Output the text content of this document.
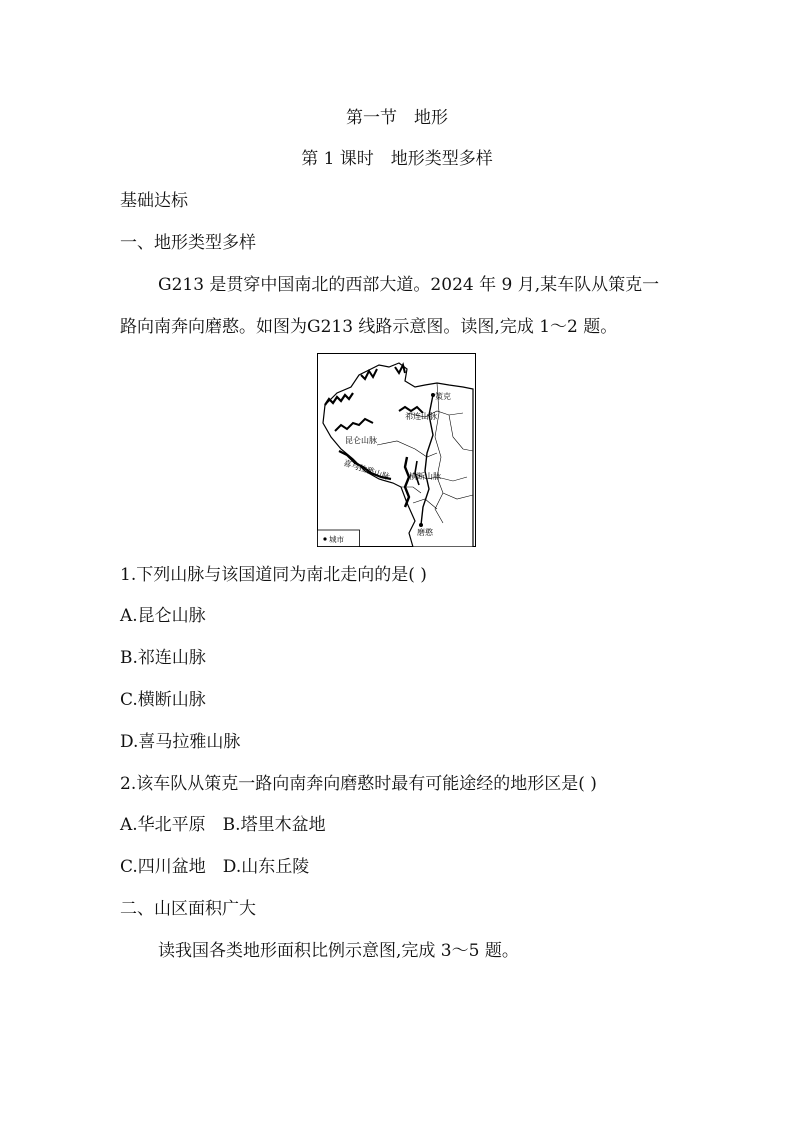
第一节　地形
第 1 课时　地形类型多样
基础达标
一、地形类型多样
G213 是贯穿中国南北的西部大道。2024 年 9 月,某车队从策克一
路向南奔向磨憨。如图为G213 线路示意图。读图,完成 1～2 题。
策克
祁连山脉
昆仑山脉
喜马拉雅山脉 横断山脉
磨憨
城市
1.下列山脉与该国道同为南北走向的是( )
A.昆仑山脉
B.祁连山脉
C.横断山脉
D.喜马拉雅山脉
2.该车队从策克一路向南奔向磨憨时最有可能途经的地形区是( )
A.华北平原　B.塔里木盆地
C.四川盆地　D.山东丘陵
二、山区面积广大
读我国各类地形面积比例示意图,完成 3～5 题。
